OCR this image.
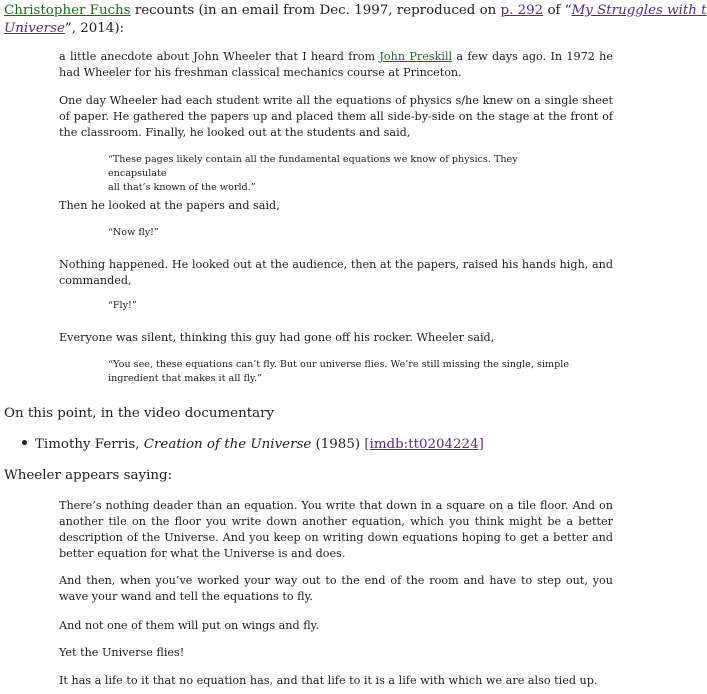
Christopher Fuchs recounts (in an email from Dec. 1997, reproduced on p. 292 of “My Struggles with t
Universe”, 2014):

a little anecdote about John Wheeler that I heard from John Preskill a few days ago. In 1972 he had Wheeler for his freshman classical mechanics course at Princeton.

One day Wheeler had each student write all the equations of physics s/he knew on a single sheet of paper. He gathered the papers up and placed them all side-by-side on the stage at the front of the classroom. Finally, he looked out at the students and said,

“These pages likely contain all the fundamental equations we know of physics. They encapsulate
all that’s known of the world.”

Then he looked at the papers and said,

“Now fly!”

Nothing happened. He looked out at the audience, then at the papers, raised his hands high, and commanded,

“Fly!”

Everyone was silent, thinking this guy had gone off his rocker. Wheeler said,

“You see, these equations can’t fly. But our universe flies. We’re still missing the single, simple
ingredient that makes it all fly.”
On this point, in the video documentary
Timothy Ferris, Creation of the Universe (1985) [imdb:tt0204224]
Wheeler appears saying:

There’s nothing deader than an equation. You write that down in a square on a tile floor. And on another tile on the floor you write down another equation, which you think might be a better description of the Universe. And you keep on writing down equations hoping to get a better and better equation for what the Universe is and does.

And then, when you’ve worked your way out to the end of the room and have to step out, you wave your wand and tell the equations to fly.

And not one of them will put on wings and fly.

Yet the Universe flies!

It has a life to it that no equation has, and that life to it is a life with which we are also tied up.
